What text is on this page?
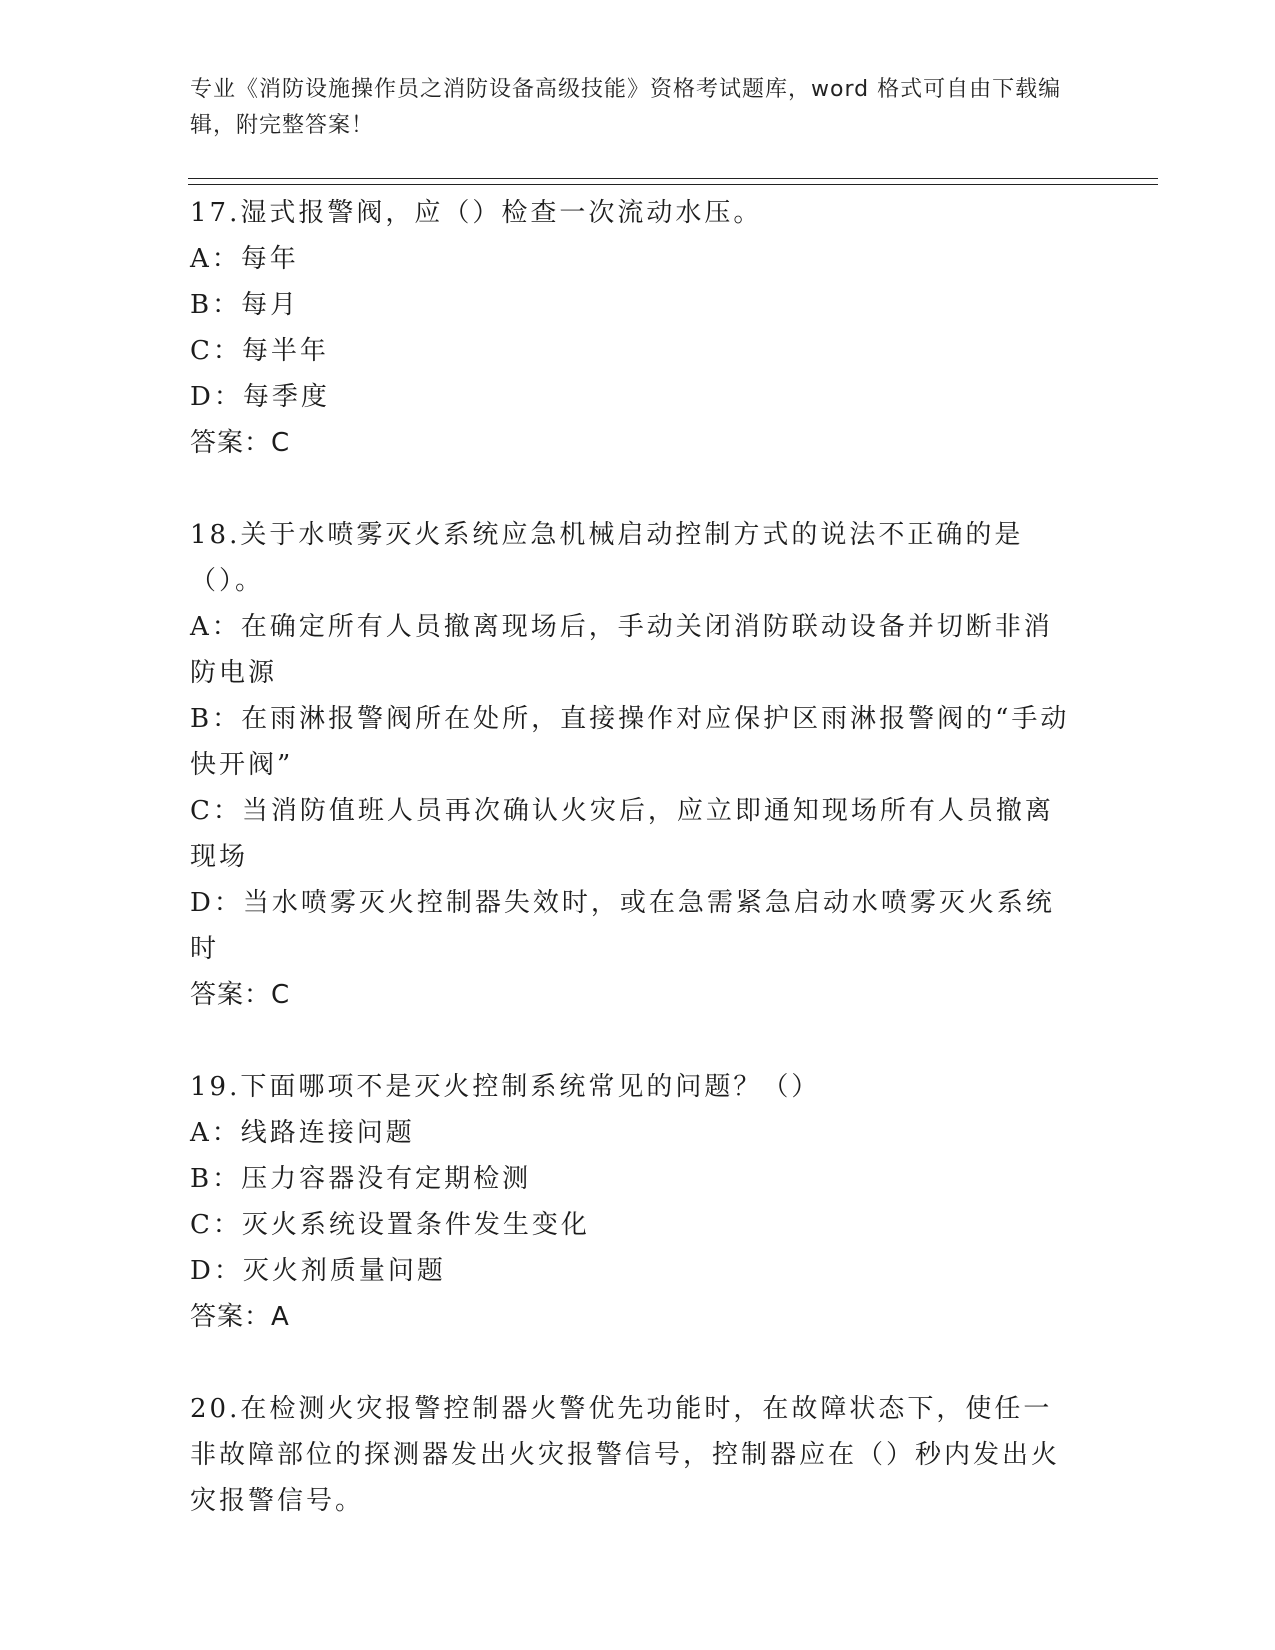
专业《消防设施操作员之消防设备高级技能》资格考试题库，word 格式可自由下载编辑，附完整答案！

17.湿式报警阀，应（）检查一次流动水压。

A：每年

B：每月

C：每半年

D：每季度

答案：C

18.关于水喷雾灭火系统应急机械启动控制方式的说法不正确的是（）。

A：在确定所有人员撤离现场后，手动关闭消防联动设备并切断非消防电源

B：在雨淋报警阀所在处所，直接操作对应保护区雨淋报警阀的“手动快开阀”

C：当消防值班人员再次确认火灾后，应立即通知现场所有人员撤离现场

D：当水喷雾灭火控制器失效时，或在急需紧急启动水喷雾灭火系统时

答案：C

19.下面哪项不是灭火控制系统常见的问题？（）

A：线路连接问题

B：压力容器没有定期检测

C：灭火系统设置条件发生变化

D：灭火剂质量问题

答案：A

20.在检测火灾报警控制器火警优先功能时，在故障状态下，使任一非故障部位的探测器发出火灾报警信号，控制器应在（）秒内发出火灾报警信号。
